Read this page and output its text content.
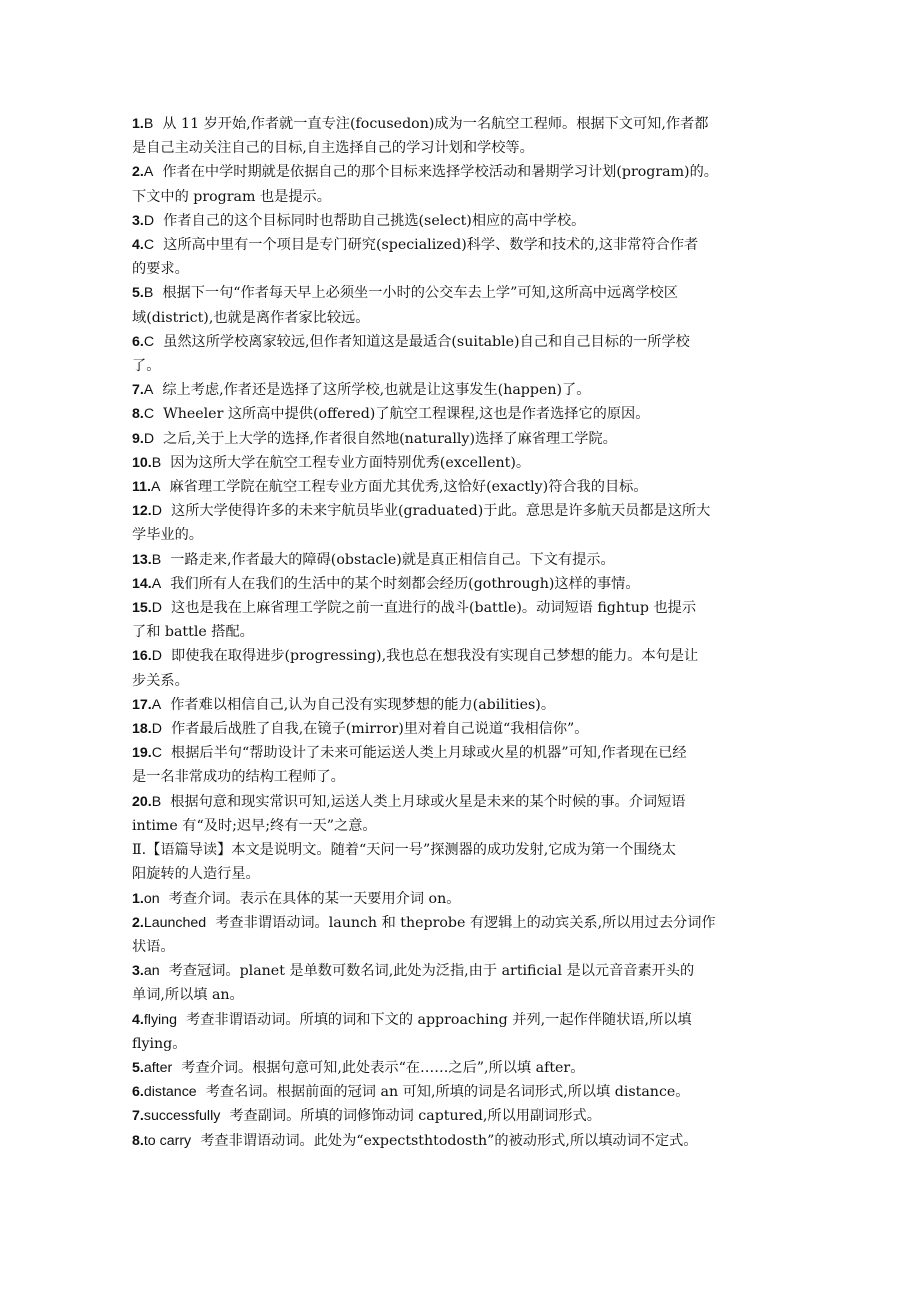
1.B 从 11 岁开始,作者就一直专注(focusedon)成为一名航空工程师。根据下文可知,作者都
是自己主动关注自己的目标,自主选择自己的学习计划和学校等。
2.A 作者在中学时期就是依据自己的那个目标来选择学校活动和暑期学习计划(program)的。
下文中的 program 也是提示。
3.D 作者自己的这个目标同时也帮助自己挑选(select)相应的高中学校。
4.C 这所高中里有一个项目是专门研究(specialized)科学、数学和技术的,这非常符合作者
的要求。
5.B 根据下一句“作者每天早上必须坐一小时的公交车去上学”可知,这所高中远离学校区
域(district),也就是离作者家比较远。
6.C 虽然这所学校离家较远,但作者知道这是最适合(suitable)自己和自己目标的一所学校
了。
7.A 综上考虑,作者还是选择了这所学校,也就是让这事发生(happen)了。
8.C Wheeler 这所高中提供(offered)了航空工程课程,这也是作者选择它的原因。
9.D 之后,关于上大学的选择,作者很自然地(naturally)选择了麻省理工学院。
10.B 因为这所大学在航空工程专业方面特别优秀(excellent)。
11.A 麻省理工学院在航空工程专业方面尤其优秀,这恰好(exactly)符合我的目标。
12.D 这所大学使得许多的未来宇航员毕业(graduated)于此。意思是许多航天员都是这所大
学毕业的。
13.B 一路走来,作者最大的障碍(obstacle)就是真正相信自己。下文有提示。
14.A 我们所有人在我们的生活中的某个时刻都会经历(gothrough)这样的事情。
15.D 这也是我在上麻省理工学院之前一直进行的战斗(battle)。动词短语 fightup 也提示
了和 battle 搭配。
16.D 即使我在取得进步(progressing),我也总在想我没有实现自己梦想的能力。本句是让
步关系。
17.A 作者难以相信自己,认为自己没有实现梦想的能力(abilities)。
18.D 作者最后战胜了自我,在镜子(mirror)里对着自己说道“我相信你”。
19.C 根据后半句“帮助设计了未来可能运送人类上月球或火星的机器”可知,作者现在已经
是一名非常成功的结构工程师了。
20.B 根据句意和现实常识可知,运送人类上月球或火星是未来的某个时候的事。介词短语
intime 有“及时;迟早;终有一天”之意。
Ⅱ.【语篇导读】本文是说明文。随着“天问一号”探测器的成功发射,它成为第一个围绕太
阳旋转的人造行星。
1.on 考查介词。表示在具体的某一天要用介词 on。
2.Launched 考查非谓语动词。launch 和 theprobe 有逻辑上的动宾关系,所以用过去分词作
状语。
3.an 考查冠词。planet 是单数可数名词,此处为泛指,由于 artificial 是以元音音素开头的
单词,所以填 an。
4.flying 考查非谓语动词。所填的词和下文的 approaching 并列,一起作伴随状语,所以填
flying。
5.after 考查介词。根据句意可知,此处表示“在……之后”,所以填 after。
6.distance 考查名词。根据前面的冠词 an 可知,所填的词是名词形式,所以填 distance。
7.successfully 考查副词。所填的词修饰动词 captured,所以用副词形式。
8.to carry 考查非谓语动词。此处为“expectsthtodosth”的被动形式,所以填动词不定式。
